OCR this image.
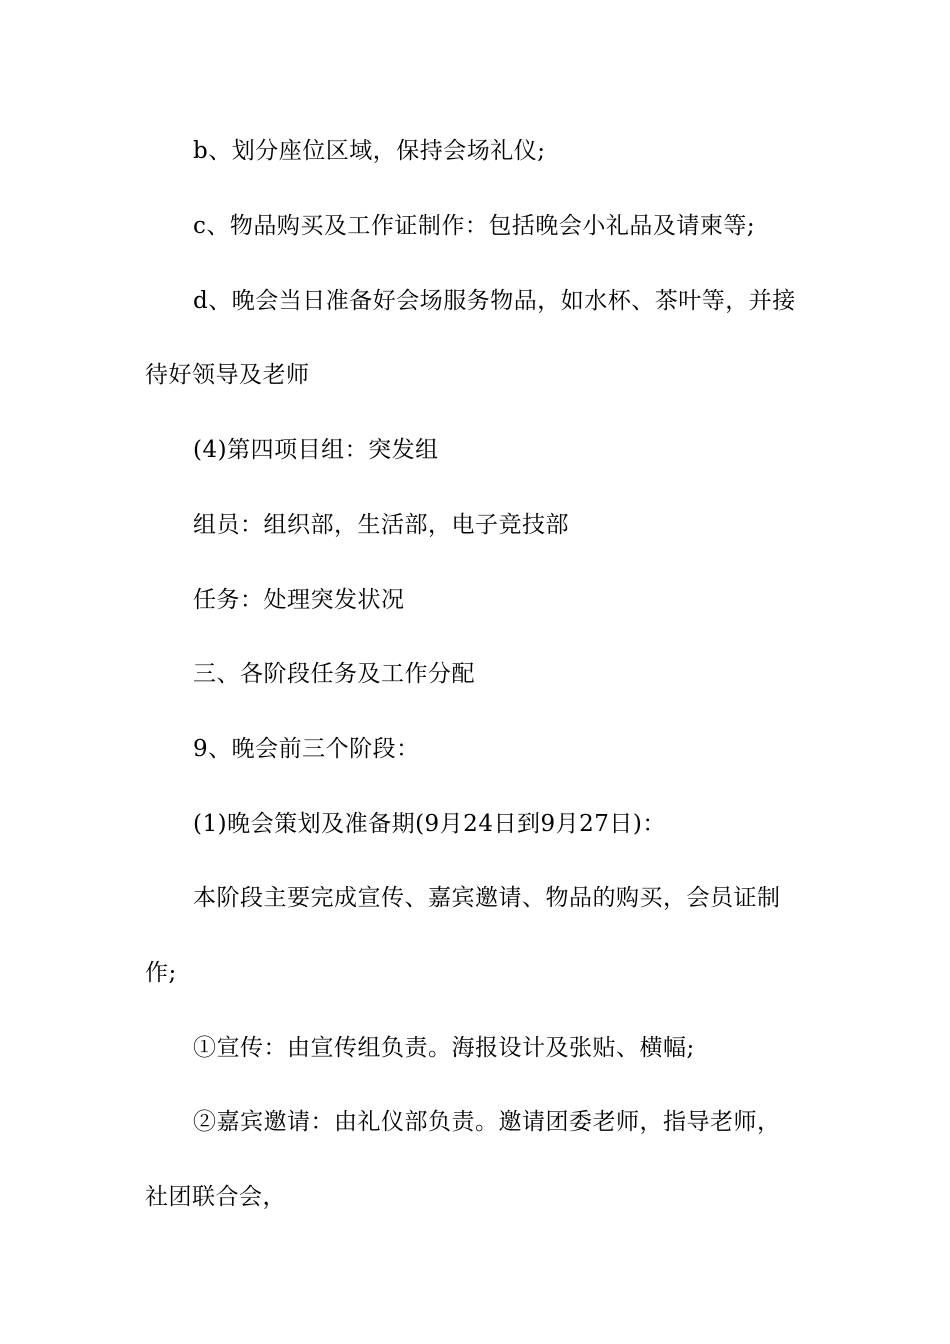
b、划分座位区域，保持会场礼仪;

c、物品购买及工作证制作：包括晚会小礼品及请柬等;

d、晚会当日准备好会场服务物品，如水杯、茶叶等，并接

待好领导及老师

(4)第四项目组：突发组

组员：组织部，生活部，电子竞技部

任务：处理突发状况

三、各阶段任务及工作分配

9、晚会前三个阶段：

(1)晚会策划及准备期(9月24日到9月27日)：

本阶段主要完成宣传、嘉宾邀请、物品的购买，会员证制

作;

①宣传：由宣传组负责。海报设计及张贴、横幅;

②嘉宾邀请：由礼仪部负责。邀请团委老师，指导老师，

社团联合会，
